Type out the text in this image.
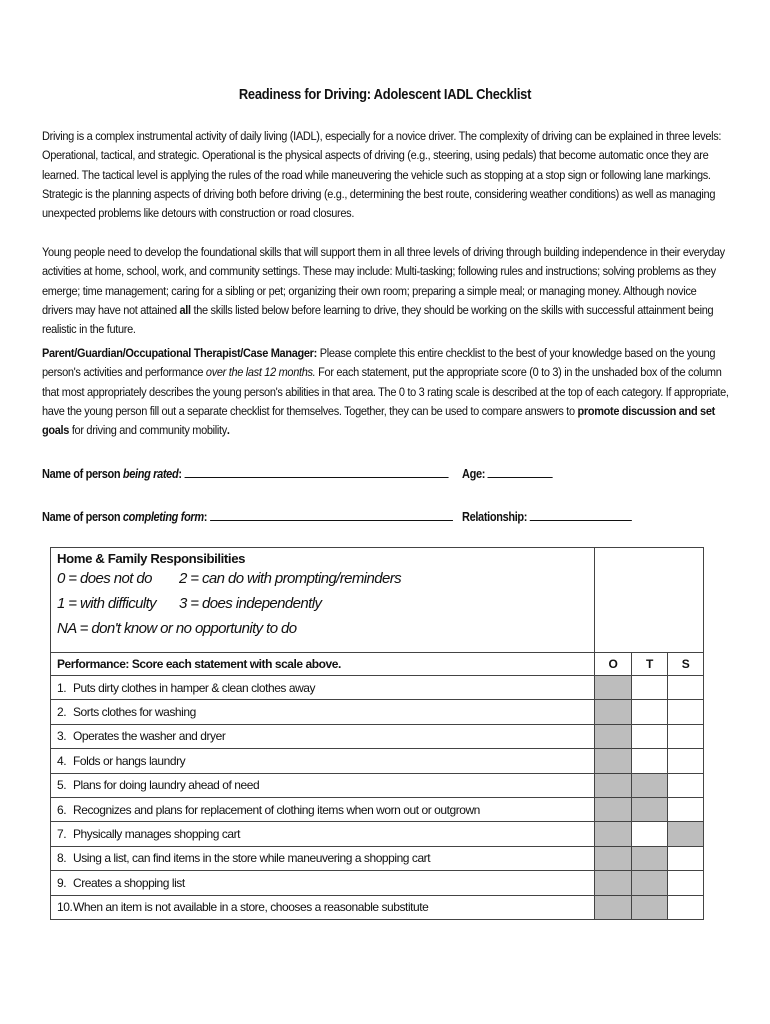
Readiness for Driving: Adolescent IADL Checklist
Driving is a complex instrumental activity of daily living (IADL), especially for a novice driver. The complexity of driving can be explained in three levels: Operational, tactical, and strategic. Operational is the physical aspects of driving (e.g., steering, using pedals) that become automatic once they are learned. The tactical level is applying the rules of the road while maneuvering the vehicle such as stopping at a stop sign or following lane markings. Strategic is the planning aspects of driving both before driving (e.g., determining the best route, considering weather conditions) as well as managing unexpected problems like detours with construction or road closures.
Young people need to develop the foundational skills that will support them in all three levels of driving through building independence in their everyday activities at home, school, work, and community settings. These may include: Multi-tasking; following rules and instructions; solving problems as they emerge; time management; caring for a sibling or pet; organizing their own room; preparing a simple meal; or managing money. Although novice drivers may have not attained all the skills listed below before learning to drive, they should be working on the skills with successful attainment being realistic in the future.
Parent/Guardian/Occupational Therapist/Case Manager: Please complete this entire checklist to the best of your knowledge based on the young person's activities and performance over the last 12 months. For each statement, put the appropriate score (0 to 3) in the unshaded box of the column that most appropriately describes the young person's abilities in that area. The 0 to 3 rating scale is described at the top of each category. If appropriate, have the young person fill out a separate checklist for themselves. Together, they can be used to compare answers to promote discussion and set goals for driving and community mobility.
Name of person being rated:	Age:
Name of person completing form:	Relationship:
Home & Family Responsibilities
0 = does not do 2 = can do with prompting/reminders
1 = with difficulty 3 = does independently
NA = don't know or no opportunity to do			

Performance: Score each statement with scale above.	O	T	S
1. Puts dirty clothes in hamper & clean clothes away			
2. Sorts clothes for washing			
3. Operates the washer and dryer			
4. Folds or hangs laundry			
5. Plans for doing laundry ahead of need			
6. Recognizes and plans for replacement of clothing items when worn out or outgrown			
7. Physically manages shopping cart			
8. Using a list, can find items in the store while maneuvering a shopping cart			
9. Creates a shopping list			
10.When an item is not available in a store, chooses a reasonable substitute			
